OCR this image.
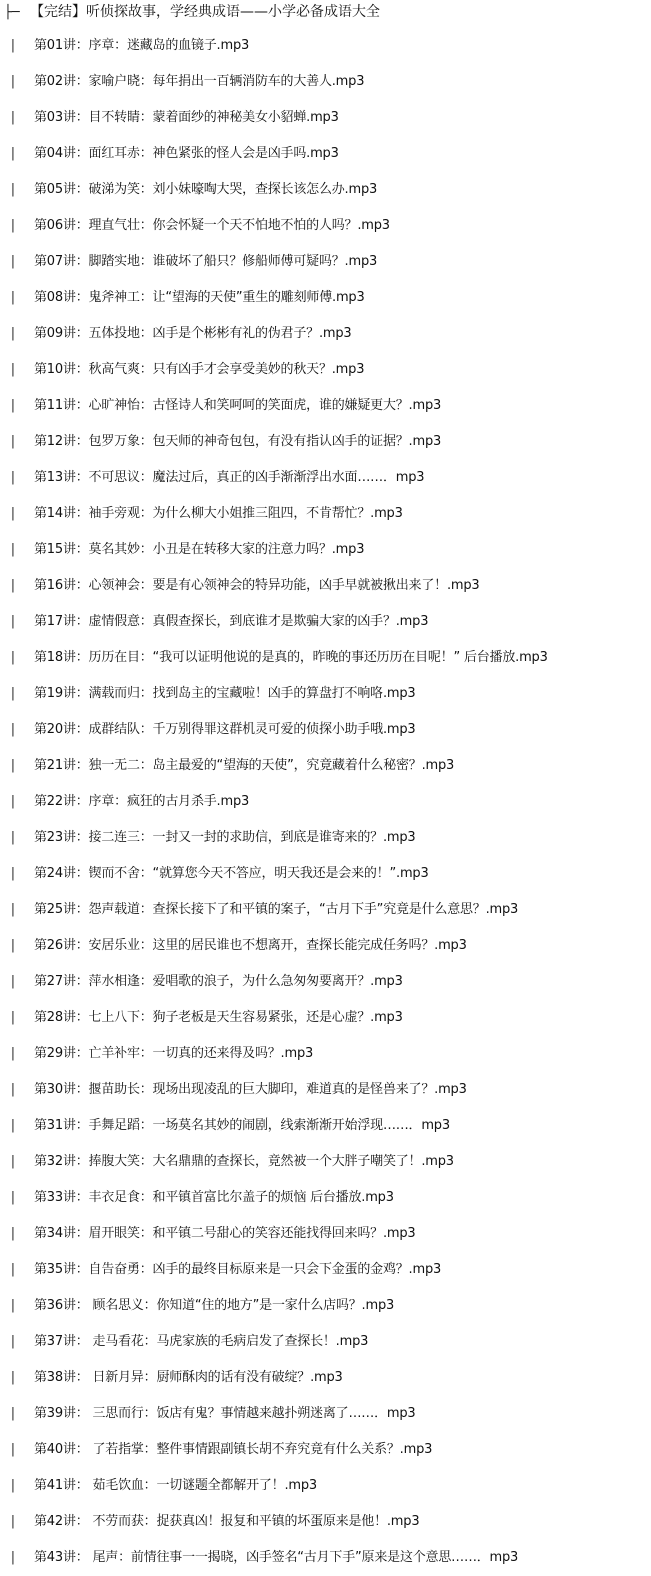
├─ 【完结】听侦探故事，学经典成语——小学必备成语大全
| 第01讲：序章：迷藏岛的血镜子.mp3
| 第02讲：家喻户晓：每年捐出一百辆消防车的大善人.mp3
| 第03讲：目不转睛：蒙着面纱的神秘美女小貂蝉.mp3
| 第04讲：面红耳赤：神色紧张的怪人会是凶手吗.mp3
| 第05讲：破涕为笑：刘小妹嚎啕大哭，查探长该怎么办.mp3
| 第06讲：理直气壮：你会怀疑一个天不怕地不怕的人吗？.mp3
| 第07讲：脚踏实地：谁破坏了船只？修船师傅可疑吗？.mp3
| 第08讲：鬼斧神工：让“望海的天使”重生的雕刻师傅.mp3
| 第09讲：五体投地：凶手是个彬彬有礼的伪君子？.mp3
| 第10讲：秋高气爽：只有凶手才会享受美妙的秋天？.mp3
| 第11讲：心旷神怡：古怪诗人和笑呵呵的笑面虎，谁的嫌疑更大？.mp3
| 第12讲：包罗万象：包天师的神奇包包，有没有指认凶手的证据？.mp3
| 第13讲：不可思议：魔法过后，真正的凶手渐渐浮出水面……．mp3
| 第14讲：袖手旁观：为什么柳大小姐推三阻四，不肯帮忙？.mp3
| 第15讲：莫名其妙：小丑是在转移大家的注意力吗？.mp3
| 第16讲：心领神会：要是有心领神会的特异功能，凶手早就被揪出来了！.mp3
| 第17讲：虚情假意：真假查探长，到底谁才是欺骗大家的凶手？.mp3
| 第18讲：历历在目：“我可以证明他说的是真的，昨晚的事还历历在目呢！” 后台播放.mp3
| 第19讲：满载而归：找到岛主的宝藏啦！凶手的算盘打不响咯.mp3
| 第20讲：成群结队：千万别得罪这群机灵可爱的侦探小助手哦.mp3
| 第21讲：独一无二：岛主最爱的“望海的天使”，究竟藏着什么秘密？.mp3
| 第22讲：序章：疯狂的古月杀手.mp3
| 第23讲：接二连三：一封又一封的求助信，到底是谁寄来的？.mp3
| 第24讲：锲而不舍：“就算您今天不答应，明天我还是会来的！”.mp3
| 第25讲：怨声载道：查探长接下了和平镇的案子，“古月下手”究竟是什么意思？.mp3
| 第26讲：安居乐业：这里的居民谁也不想离开，查探长能完成任务吗？.mp3
| 第27讲：萍水相逢：爱唱歌的浪子，为什么急匆匆要离开？.mp3
| 第28讲：七上八下：狗子老板是天生容易紧张，还是心虚？.mp3
| 第29讲：亡羊补牢：一切真的还来得及吗？.mp3
| 第30讲：揠苗助长：现场出现凌乱的巨大脚印，难道真的是怪兽来了？.mp3
| 第31讲：手舞足蹈：一场莫名其妙的闹剧，线索渐渐开始浮现……．mp3
| 第32讲：捧腹大笑：大名鼎鼎的查探长，竟然被一个大胖子嘲笑了！.mp3
| 第33讲：丰衣足食：和平镇首富比尔盖子的烦恼 后台播放.mp3
| 第34讲：眉开眼笑：和平镇二号甜心的笑容还能找得回来吗？.mp3
| 第35讲：自告奋勇：凶手的最终目标原来是一只会下金蛋的金鸡？.mp3
| 第36讲： 顾名思义：你知道“住的地方”是一家什么店吗？.mp3
| 第37讲： 走马看花：马虎家族的毛病启发了查探长！.mp3
| 第38讲： 日新月异：厨师酥肉的话有没有破绽？.mp3
| 第39讲： 三思而行：饭店有鬼？事情越来越扑朔迷离了……．mp3
| 第40讲： 了若指掌：整件事情跟副镇长胡不弃究竟有什么关系？.mp3
| 第41讲： 茹毛饮血：一切谜题全都解开了！.mp3
| 第42讲： 不劳而获：捉获真凶！报复和平镇的坏蛋原来是他！.mp3
| 第43讲： 尾声：前情往事一一揭晓，凶手签名“古月下手”原来是这个意思……．mp3
